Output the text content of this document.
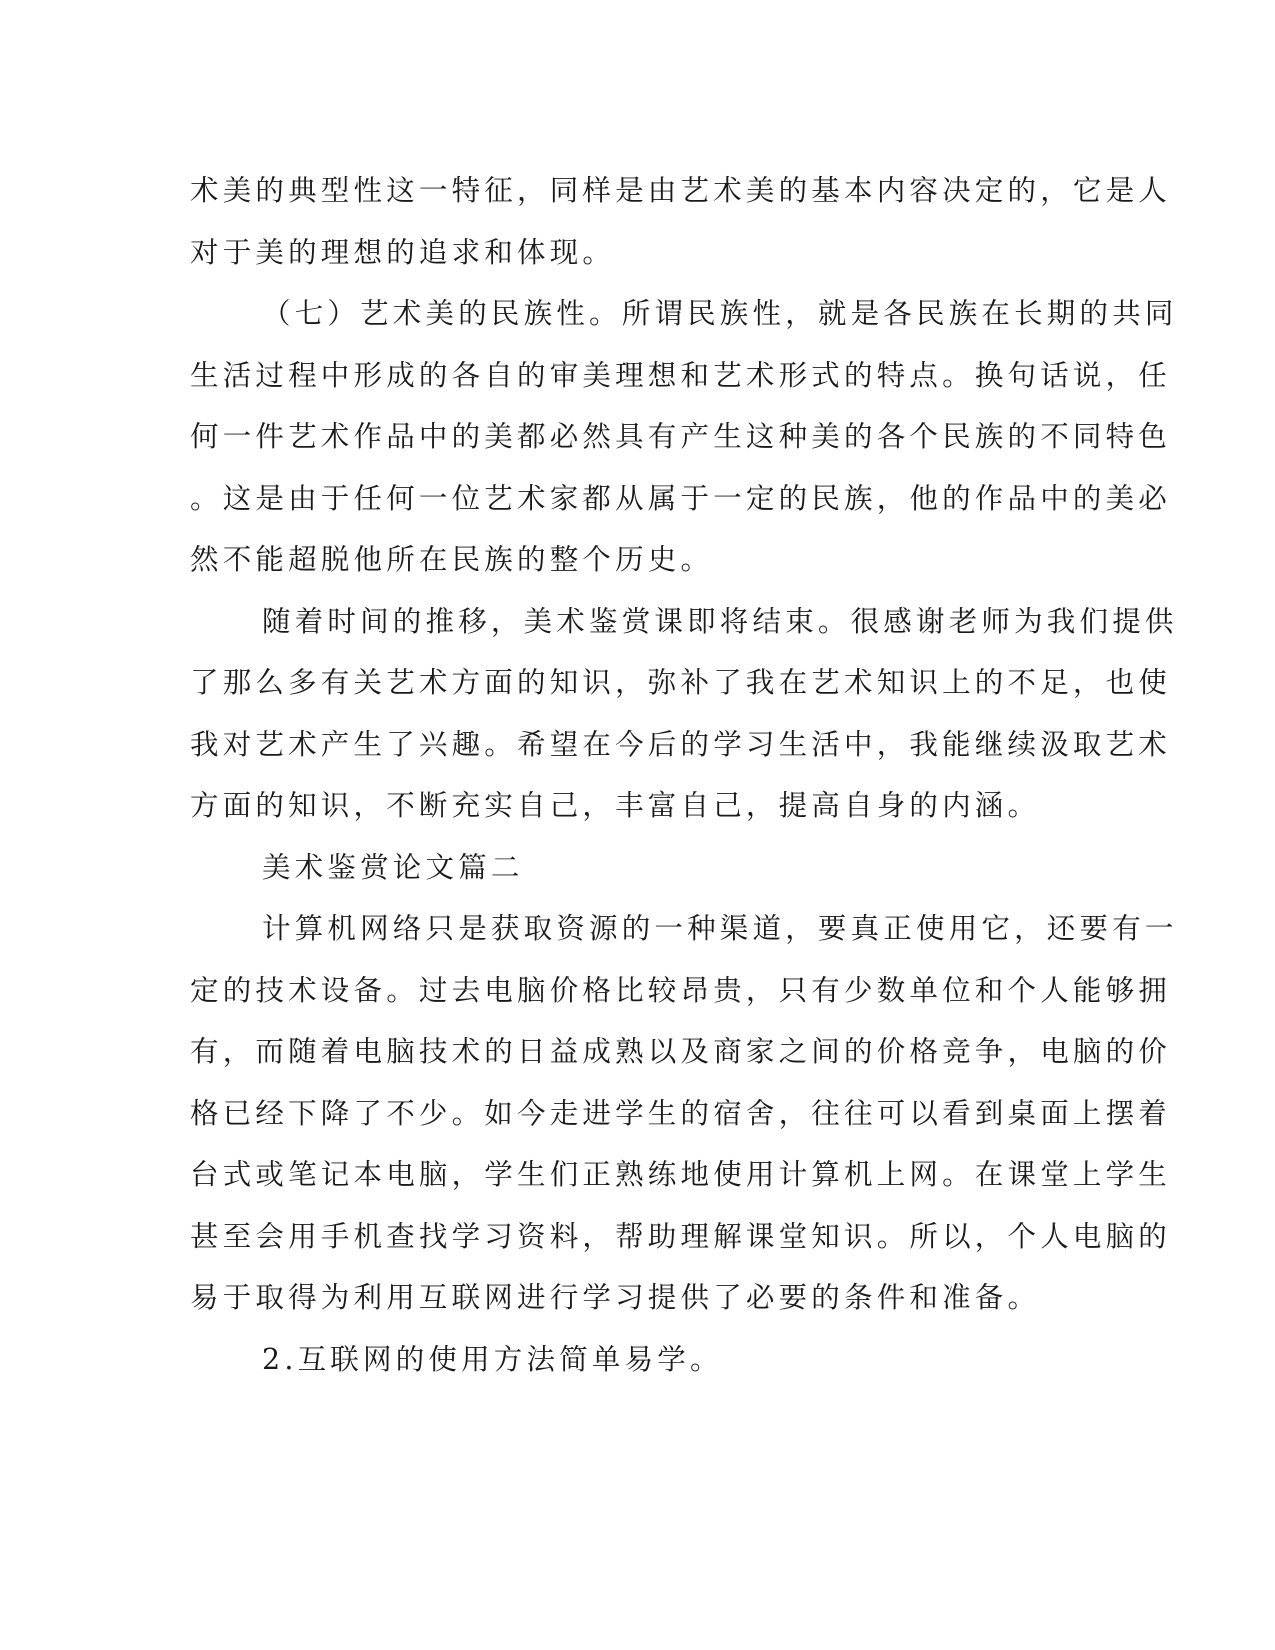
术美的典型性这一特征，同样是由艺术美的基本内容决定的，它是人
对于美的理想的追求和体现。
（七）艺术美的民族性。所谓民族性，就是各民族在长期的共同
生活过程中形成的各自的审美理想和艺术形式的特点。换句话说，任
何一件艺术作品中的美都必然具有产生这种美的各个民族的不同特色
。这是由于任何一位艺术家都从属于一定的民族，他的作品中的美必
然不能超脱他所在民族的整个历史。
随着时间的推移，美术鉴赏课即将结束。很感谢老师为我们提供
了那么多有关艺术方面的知识，弥补了我在艺术知识上的不足，也使
我对艺术产生了兴趣。希望在今后的学习生活中，我能继续汲取艺术
方面的知识，不断充实自己，丰富自己，提高自身的内涵。
美术鉴赏论文篇二
计算机网络只是获取资源的一种渠道，要真正使用它，还要有一
定的技术设备。过去电脑价格比较昂贵，只有少数单位和个人能够拥
有，而随着电脑技术的日益成熟以及商家之间的价格竞争，电脑的价
格已经下降了不少。如今走进学生的宿舍，往往可以看到桌面上摆着
台式或笔记本电脑，学生们正熟练地使用计算机上网。在课堂上学生
甚至会用手机查找学习资料，帮助理解课堂知识。所以，个人电脑的
易于取得为利用互联网进行学习提供了必要的条件和准备。
2.互联网的使用方法简单易学。
